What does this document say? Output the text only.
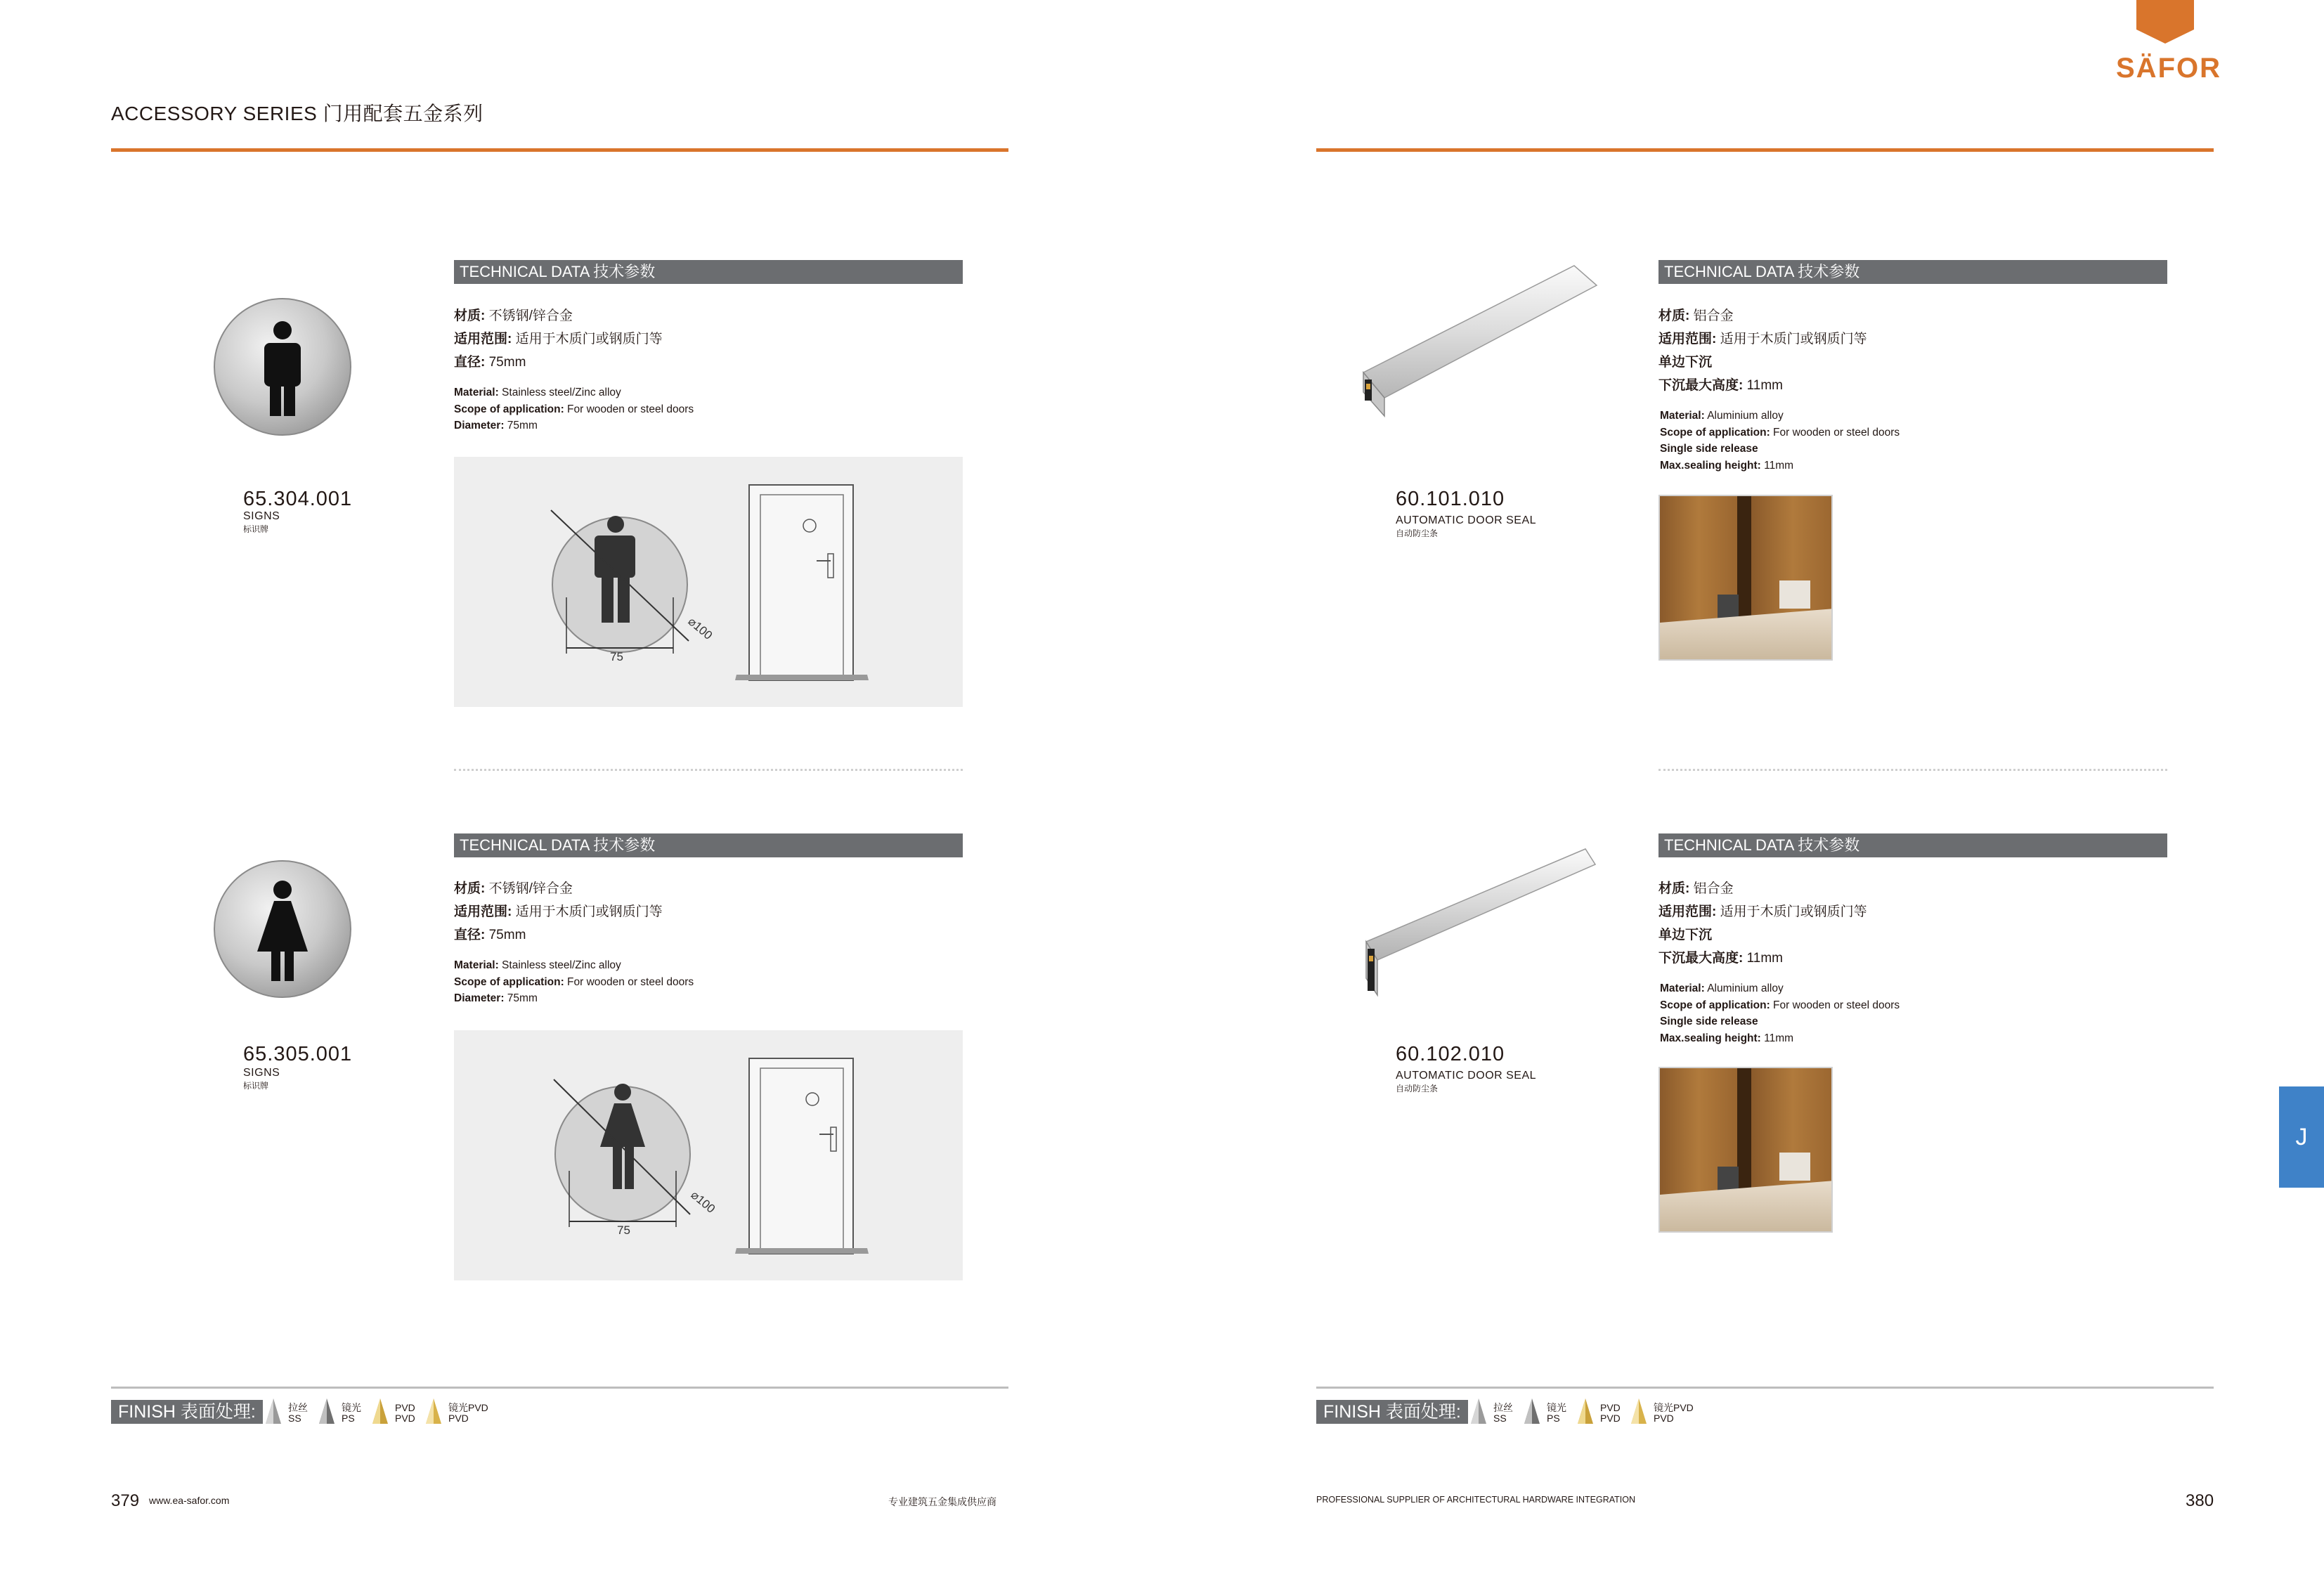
ACCESSORY SERIES 门用配套五金系列
SÄFOR
J
65.304.001
SIGNS
标识牌
TECHNICAL DATA 技术参数
材质: 不锈钢/锌合金
适用范围: 适用于木质门或钢质门等
直径: 75mm
Material: Stainless steel/Zinc alloy
Scope of application: For wooden or steel doors
Diameter: 75mm
75
⌀100
65.305.001
SIGNS
标识牌
TECHNICAL DATA 技术参数
材质: 不锈钢/锌合金
适用范围: 适用于木质门或钢质门等
直径: 75mm
Material: Stainless steel/Zinc alloy
Scope of application: For wooden or steel doors
Diameter: 75mm
75
⌀100
60.101.010
AUTOMATIC DOOR SEAL
自动防尘条
TECHNICAL DATA 技术参数
材质: 铝合金
适用范围: 适用于木质门或钢质门等
单边下沉
下沉最大高度: 11mm
Material: Aluminium alloy
Scope of application: For wooden or steel doors
Single side release
Max.sealing height: 11mm
60.102.010
AUTOMATIC DOOR SEAL
自动防尘条
TECHNICAL DATA 技术参数
材质: 铝合金
适用范围: 适用于木质门或钢质门等
单边下沉
下沉最大高度: 11mm
Material: Aluminium alloy
Scope of application: For wooden or steel doors
Single side release
Max.sealing height: 11mm
FINISH 表面处理:	FINISH 表面处理:
拉丝
SS
镜光
PS
PVD
PVD
镜光PVD
PVD
拉丝
SS
镜光
PS
PVD
PVD
镜光PVD
PVD
379 www.ea-safor.com	专业建筑五金集成供应商	PROFESSIONAL SUPPLIER OF ARCHITECTURAL HARDWARE INTEGRATION	380
